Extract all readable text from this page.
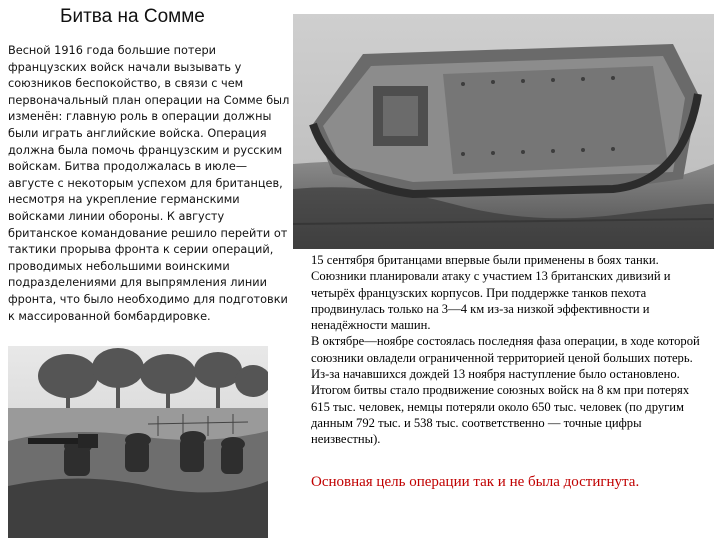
Битва на Сомме
Весной 1916 года большие потери французских войск начали вызывать у союзников беспокойство, в связи с чем первоначальный план операции на Сомме был изменён: главную роль в операции должны были играть английские войска. Операция должна была помочь французским и русским войскам. Битва продолжалась в июле—августе с некоторым успехом для британцев, несмотря на укрепление германскими войсками линии обороны. К августу британское командование решило перейти от тактики прорыва фронта к серии операций, проводимых небольшими воинскими подразделениями для выпрямления линии фронта, что было необходимо для подготовки к массированной бомбардировке.

15 сентября британцами впервые были применены в боях танки. Союзники планировали атаку с участием 13 британских дивизий и четырёх французских корпусов. При поддержке танков пехота продвинулась только на 3—4 км из-за низкой эффективности и ненадёжности машин.

В октябре—ноябре состоялась последняя фаза операции, в ходе которой союзники овладели ограниченной территорией ценой больших потерь. Из-за начавшихся дождей 13 ноября наступление было остановлено.

Итогом битвы стало продвижение союзных войск на 8 км при потерях 615 тыс. человек, немцы потеряли около 650 тыс. человек (по другим данным 792 тыс. и 538 тыс. соответственно — точные цифры неизвестны).

Основная цель операции так и не была достигнута.
